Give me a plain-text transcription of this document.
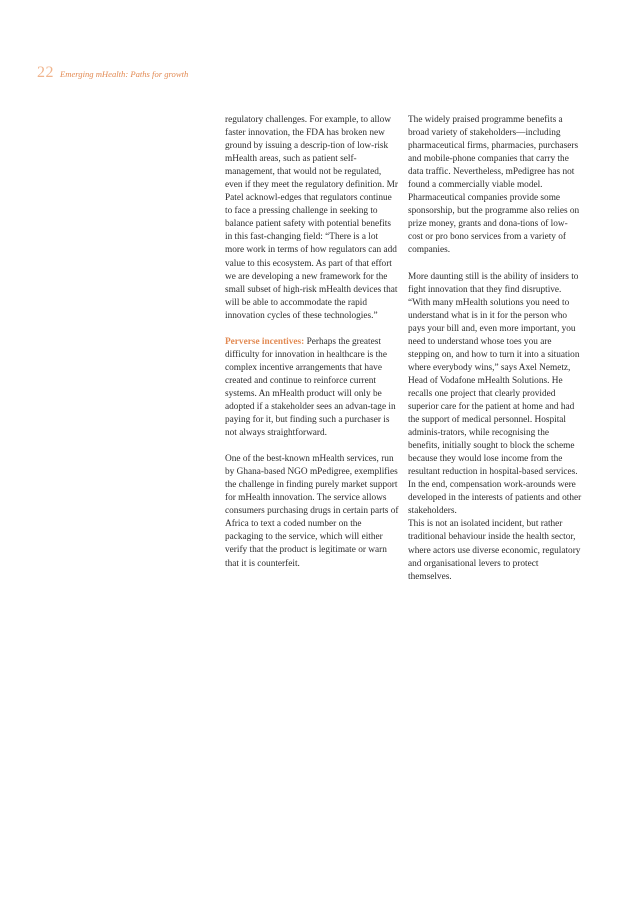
22 Emerging mHealth: Paths for growth

regulatory challenges. For example, to allow faster innovation, the FDA has broken new ground by issuing a descrip-tion of low-risk mHealth areas, such as patient self-management, that would not be regulated, even if they meet the regulatory definition. Mr Patel acknowl-edges that regulators continue to face a pressing challenge in seeking to balance patient safety with potential benefits in this fast-changing field: “There is a lot more work in terms of how regulators can add value to this ecosystem. As part of that effort we are developing a new framework for the small subset of high-risk mHealth devices that will be able to accommodate the rapid innovation cycles of these technologies.”

Perverse incentives: Perhaps the greatest difficulty for innovation in healthcare is the complex incentive arrangements that have created and continue to reinforce current systems. An mHealth product will only be adopted if a stakeholder sees an advan-tage in paying for it, but finding such a purchaser is not always straightforward.

One of the best-known mHealth services, run by Ghana-based NGO mPedigree, exemplifies the challenge in finding purely market support for mHealth innovation. The service allows consumers purchasing drugs in certain parts of Africa to text a coded number on the packaging to the service, which will either verify that the product is legitimate or warn that it is counterfeit.

The widely praised programme benefits a broad variety of stakeholders—including pharmaceutical firms, pharmacies, purchasers and mobile-phone companies that carry the data traffic. Nevertheless, mPedigree has not found a commercially viable model. Pharmaceutical companies provide some sponsorship, but the programme also relies on prize money, grants and dona-tions of low-cost or pro bono services from a variety of companies.

More daunting still is the ability of insiders to fight innovation that they find disruptive. “With many mHealth solutions you need to understand what is in it for the person who pays your bill and, even more important, you need to understand whose toes you are stepping on, and how to turn it into a situation where everybody wins,” says Axel Nemetz, Head of Vodafone mHealth Solutions. He recalls one project that clearly provided superior care for the patient at home and had the support of medical personnel. Hospital adminis-trators, while recognising the benefits, initially sought to block the scheme because they would lose income from the resultant reduction in hospital-based services. In the end, compensation work-arounds were developed in the interests of patients and other stakeholders.

This is not an isolated incident, but rather traditional behaviour inside the health sector, where actors use diverse economic, regulatory and organisational levers to protect themselves.
